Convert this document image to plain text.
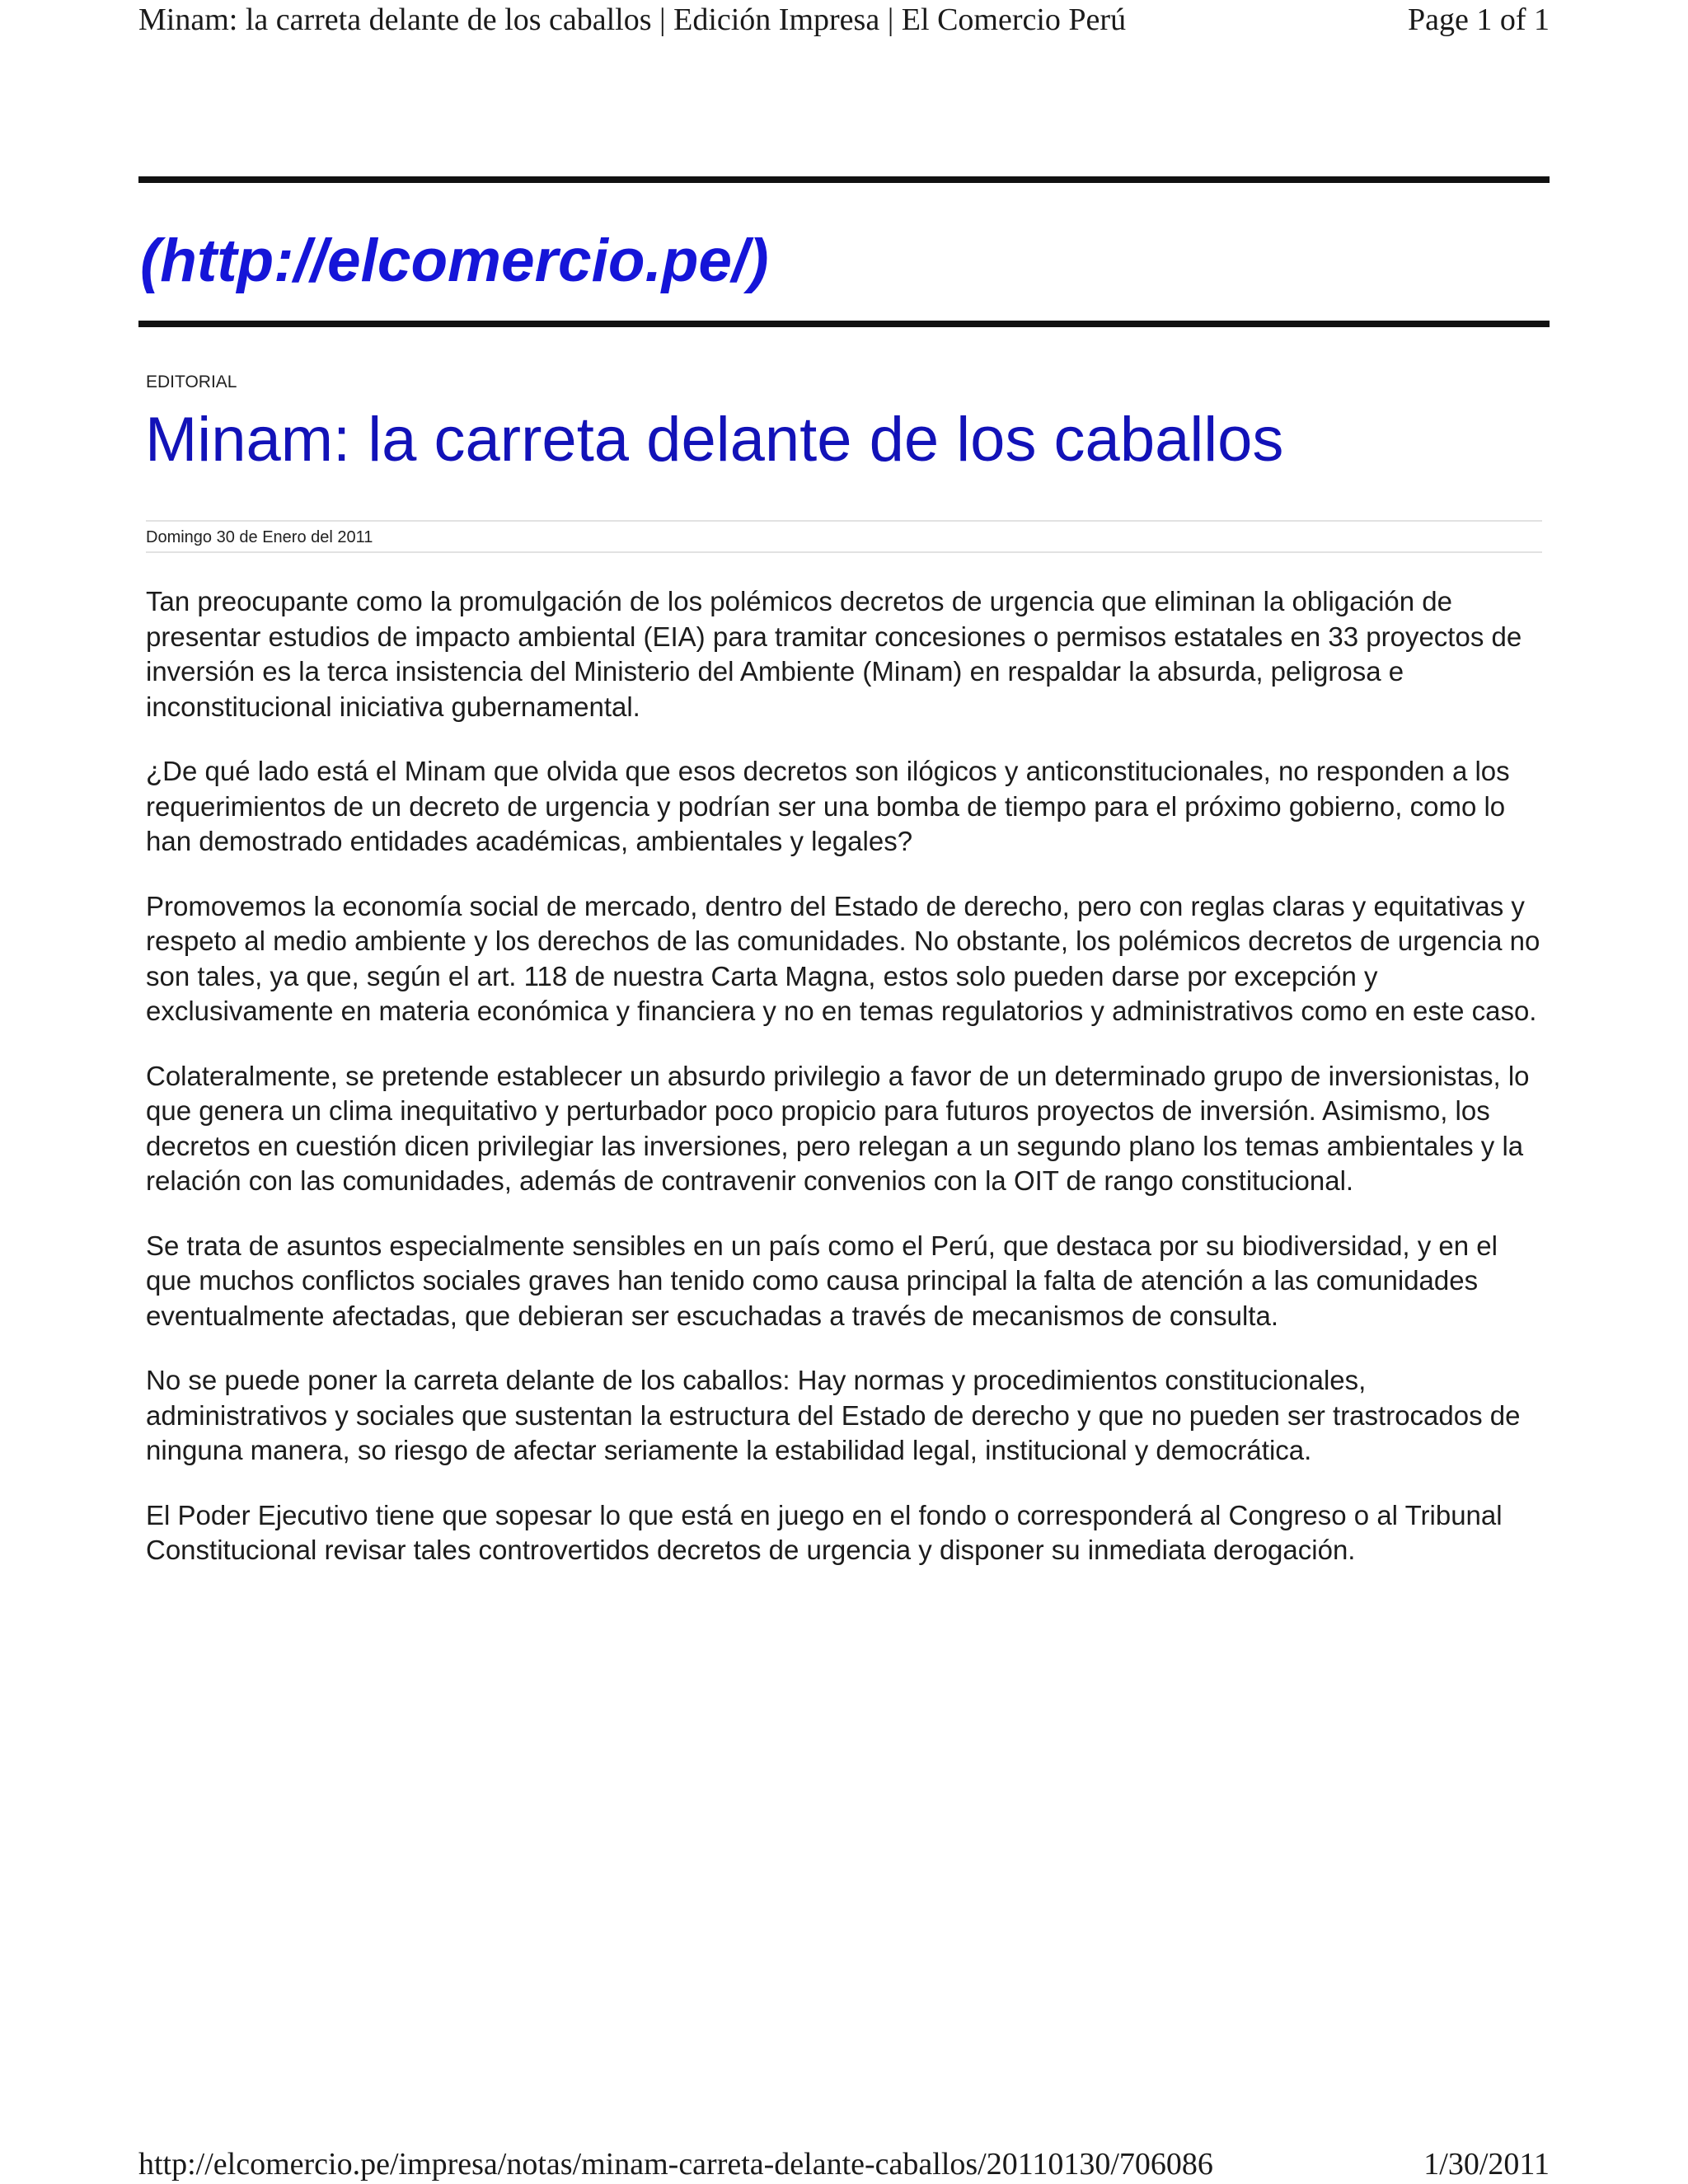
Minam: la carreta delante de los caballos | Edición Impresa | El Comercio Perú	Page 1 of 1
(http://elcomercio.pe/)
EDITORIAL
Minam: la carreta delante de los caballos
Domingo 30 de Enero del 2011

Tan preocupante como la promulgación de los polémicos decretos de urgencia que eliminan la obligación de presentar estudios de impacto ambiental (EIA) para tramitar concesiones o permisos estatales en 33 proyectos de inversión es la terca insistencia del Ministerio del Ambiente (Minam) en respaldar la absurda, peligrosa e inconstitucional iniciativa gubernamental.

¿De qué lado está el Minam que olvida que esos decretos son ilógicos y anticonstitucionales, no responden a los requerimientos de un decreto de urgencia y podrían ser una bomba de tiempo para el próximo gobierno, como lo han demostrado entidades académicas, ambientales y legales?

Promovemos la economía social de mercado, dentro del Estado de derecho, pero con reglas claras y equitativas y respeto al medio ambiente y los derechos de las comunidades. No obstante, los polémicos decretos de urgencia no son tales, ya que, según el art. 118 de nuestra Carta Magna, estos solo pueden darse por excepción y exclusivamente en materia económica y financiera y no en temas regulatorios y administrativos como en este caso.

Colateralmente, se pretende establecer un absurdo privilegio a favor de un determinado grupo de inversionistas, lo que genera un clima inequitativo y perturbador poco propicio para futuros proyectos de inversión. Asimismo, los decretos en cuestión dicen privilegiar las inversiones, pero relegan a un segundo plano los temas ambientales y la relación con las comunidades, además de contravenir convenios con la OIT de rango constitucional.

Se trata de asuntos especialmente sensibles en un país como el Perú, que destaca por su biodiversidad, y en el que muchos conflictos sociales graves han tenido como causa principal la falta de atención a las comunidades eventualmente afectadas, que debieran ser escuchadas a través de mecanismos de consulta.

No se puede poner la carreta delante de los caballos: Hay normas y procedimientos constitucionales, administrativos y sociales que sustentan la estructura del Estado de derecho y que no pueden ser trastrocados de ninguna manera, so riesgo de afectar seriamente la estabilidad legal, institucional y democrática.

El Poder Ejecutivo tiene que sopesar lo que está en juego en el fondo o corresponderá al Congreso o al Tribunal Constitucional revisar tales controvertidos decretos de urgencia y disponer su inmediata derogación.

http://elcomercio.pe/impresa/notas/minam-carreta-delante-caballos/20110130/706086	1/30/2011
